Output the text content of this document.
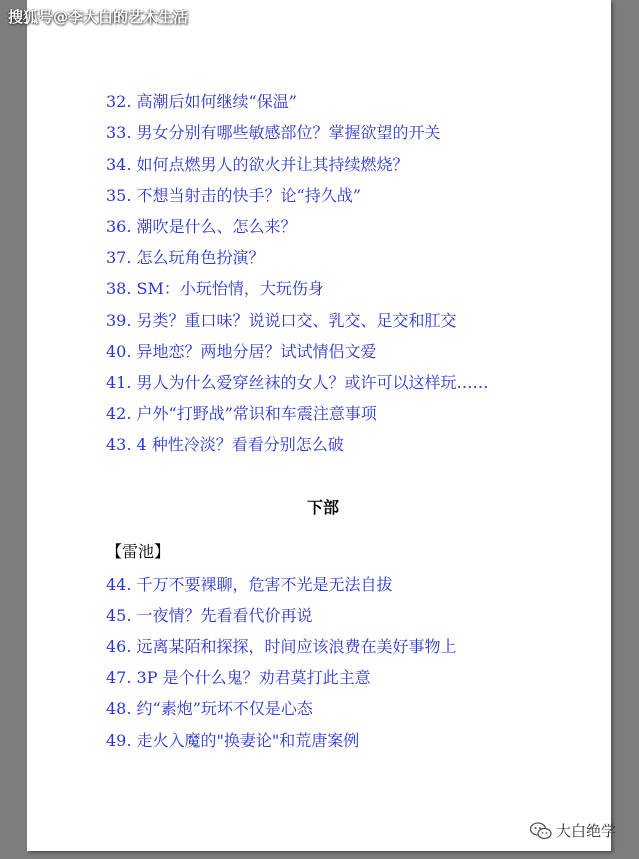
搜狐号@李大白的艺术生活
32. 高潮后如何继续“保温”
33. 男女分别有哪些敏感部位？掌握欲望的开关
34. 如何点燃男人的欲火并让其持续燃烧？
35. 不想当射击的快手？论“持久战”
36. 潮吹是什么、怎么来？
37. 怎么玩角色扮演？
38. SM：小玩怡情，大玩伤身
39. 另类？重口味？说说口交、乳交、足交和肛交
40. 异地恋？两地分居？试试情侣文爱
41. 男人为什么爱穿丝袜的女人？或许可以这样玩……
42. 户外“打野战”常识和车震注意事项
43. 4 种性冷淡？看看分别怎么破
下部
【雷池】
44. 千万不要裸聊，危害不光是无法自拔
45. 一夜情？先看看代价再说
46. 远离某陌和探探，时间应该浪费在美好事物上
47. 3P 是个什么鬼？劝君莫打此主意
48. 约“素炮”玩坏不仅是心态
49. 走火入魔的"换妻论"和荒唐案例
大白绝学
